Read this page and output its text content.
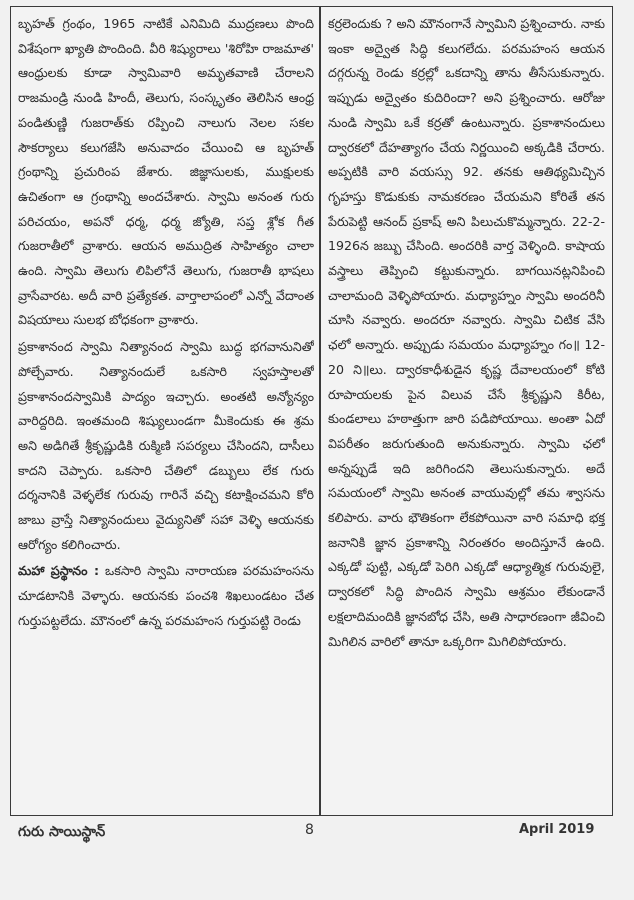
బృహత్ గ్రంథం, 1965 నాటికే ఎనిమిది ముద్రణలు పొంది విశేషంగా ఖ్యాతి పొందింది. వీరి శిష్యురాలు 'శిరోహి రాజమాత' ఆంధ్రులకు కూడా స్వామివారి అమృతవాణి చేరాలని రాజమండ్రి నుండి హిందీ, తెలుగు, సంస్కృతం తెలిసిన ఆంధ్ర పండితుణ్ణి గుజరాత్‌కు రప్పించి నాలుగు నెలల సకల సౌకర్యాలు కలుగజేసి అనువాదం చేయించి ఆ బృహత్ గ్రంథాన్ని ప్రచురింప జేశారు. జిజ్ఞాసులకు, ముక్షులకు ఉచితంగా ఆ గ్రంథాన్ని అందచేశారు. స్వామి అనంత గురు పరిచయం, అపనో ధర్మ, ధర్మ జ్యోతి, సప్త శ్లోక గీత గుజరాతీలో వ్రాశారు. ఆయన అముద్రిత సాహిత్యం చాలా ఉంది. స్వామి తెలుగు లిపిలోనే తెలుగు, గుజరాతీ భాషలు వ్రాసేవారట. అదీ వారి ప్రత్యేకత. వార్తాలాపంలో ఎన్నో వేదాంత విషయాలు సులభ బోధకంగా వ్రాశారు.

ప్రకాశానంద స్వామి నిత్యానంద స్వామి బుద్ధ భగవానునితో పోల్చేవారు. నిత్యానందులే ఒకసారి స్వహస్తాలతో ప్రకాశానందస్వామికి పాద్యం ఇచ్చారు. అంతటి అన్యోన్యం వారిద్దరిది. ఇంతమంది శిష్యులుండగా మీకెందుకు ఈ శ్రమ అని అడిగితే శ్రీకృష్ణుడికి రుక్మిణి సపర్యలు చేసిందని, దాసీలు కాదని చెప్పారు. ఒకసారి చేతిలో డబ్బులు లేక గురు దర్శనానికి వెళ్ళలేక గురువు గారినే వచ్చి కటాక్షించమని కోరి జాబు వ్రాస్తే నిత్యానందులు వైద్యునితో సహా వెళ్ళి ఆయనకు ఆరోగ్యం కలిగించారు.

మహా ప్రస్థానం : ఒకసారి స్వామి నారాయణ పరమహంసను చూడటానికి వెళ్ళారు. ఆయనకు పంచశి శిఖలుండటం చేత గుర్తుపట్టలేదు. మౌనంలో ఉన్న పరమహంస గుర్తుపట్టి రెండు

కర్రలెందుకు ? అని మౌనంగానే స్వామిని ప్రశ్నించారు. నాకు ఇంకా అద్వైత సిద్ధి కలుగలేదు. పరమహంస ఆయన దగ్గరున్న రెండు కర్రల్లో ఒకదాన్ని తాను తీసేసుకున్నారు. ఇప్పుడు అద్వైతం కుదిరిందా? అని ప్రశ్నించారు. ఆరోజు నుండి స్వామి ఒకే కర్రతో ఉంటున్నారు. ప్రకాశానందులు ద్వారకలో దేహత్యాగం చేయ నిర్ణయించి అక్కడికి చేరారు. అప్పటికి వారి వయస్సు 92. తనకు ఆతిథ్యమిచ్చిన గృహస్తు కొడుకుకు నామకరణం చేయమని కోరితే తన పేరుపెట్టి ఆనంద్ ప్రకాష్ అని పిలుచుకొమ్మన్నారు. 22-2-1926న జబ్బు చేసింది. అందరికి వార్త వెళ్ళింది. కాషాయ వస్త్రాలు తెప్పించి కట్టుకున్నారు. బాగయినట్లనిపించి చాలామంది వెళ్ళిపోయారు. మధ్యాహ్నం స్వామి అందరినీ చూసి నవ్వారు. అందరూ నవ్వారు. స్వామి చిటిక వేసి ఛలో అన్నారు. అప్పుడు సమయం మధ్యాహ్నం గం॥ 12-20 ని॥లు. ద్వారకాధీశుడైన కృష్ణ దేవాలయంలో కోటి రూపాయలకు పైన విలువ చేసే శ్రీకృష్ణుని కిరీట, కుండలాలు హఠాత్తుగా జారి పడిపోయాయి. అంతా ఏదో విపరీతం జరుగుతుంది అనుకున్నారు. స్వామి ఛలో అన్నప్పుడే ఇది జరిగిందని తెలుసుకున్నారు. అదే సమయంలో స్వామి అనంత వాయువుల్లో తమ శ్వాసను కలిపారు. వారు భౌతికంగా లేకపోయినా వారి సమాధి భక్త జనానికి జ్ఞాన ప్రకాశాన్ని నిరంతరం అందిస్తూనే ఉంది. ఎక్కడో పుట్టి, ఎక్కడో పెరిగి ఎక్కడో ఆధ్యాత్మిక గురువులై, ద్వారకలో సిద్ధి పొందిన స్వామి ఆశ్రమం లేకుండానే లక్షలాదిమందికి జ్ఞానబోధ చేసి, అతి సాధారణంగా జీవించి మిగిలిన వారిలో తానూ ఒక్కరిగా మిగిలిపోయారు.

గురు సాయిస్థాన్	8	April 2019
